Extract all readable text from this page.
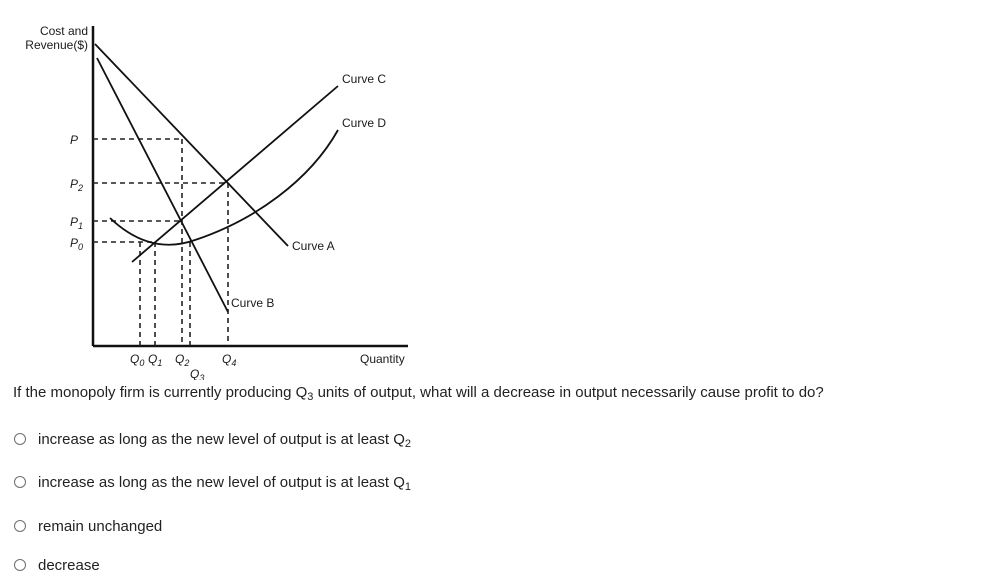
Cost and
Revenue($)
Curve A
Curve B
Curve C
Curve D
P
$P_2$
$P_1$
$P_0$
$Q_0$ $Q_1$ $Q_2$
$Q_3$
$Q_4$	Quantity
If the monopoly firm is currently producing $Q_3$ units of output, what will a decrease in output necessarily cause profit to do?
increase as long as the new level of output is at least $Q_2$
increase as long as the new level of output is at least $Q_1$
remain unchanged
decrease
